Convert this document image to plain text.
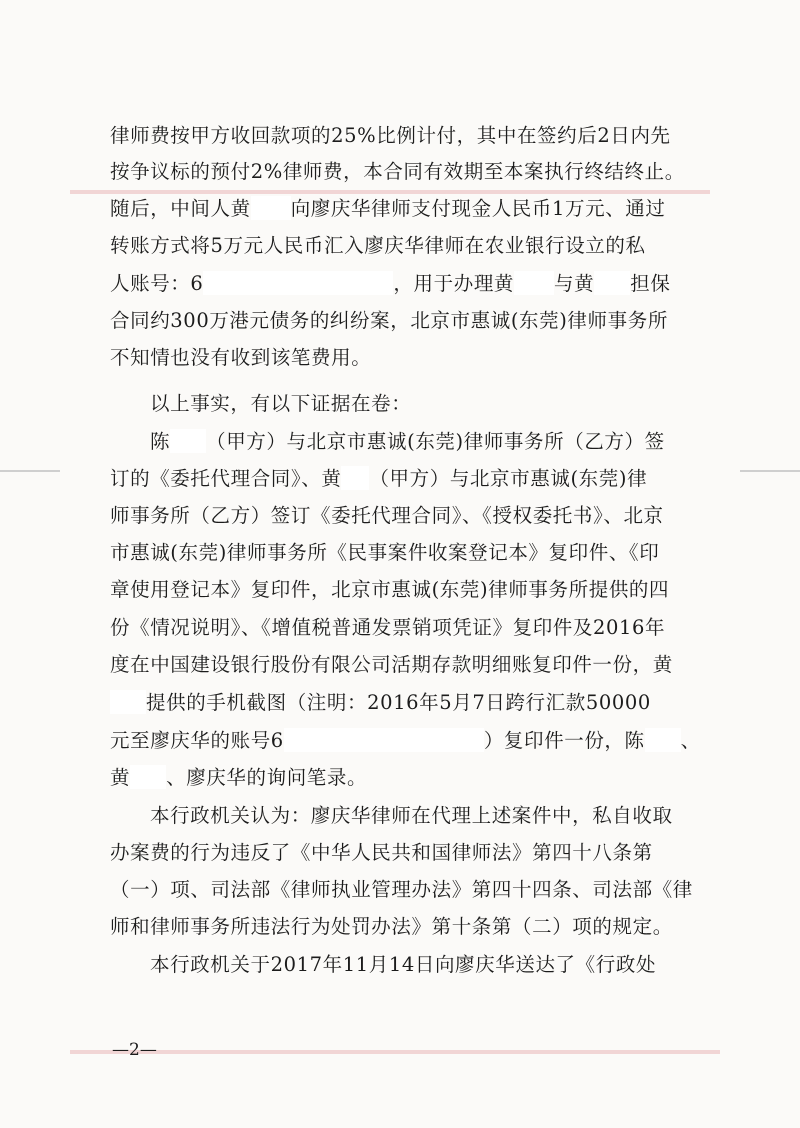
律师费按甲方收回款项的25%比例计付，其中在签约后2日内先
按争议标的预付2%律师费，本合同有效期至本案执行终结终止。
随后，中间人黄 向廖庆华律师支付现金人民币1万元、通过
转账方式将5万元人民币汇入廖庆华律师在农业银行设立的私
人账号：6	，用于办理黄 与黄 担保
合同约300万港元债务的纠纷案，北京市惠诚(东莞)律师事务所
不知情也没有收到该笔费用。
以上事实，有以下证据在卷：
陈 （甲方）与北京市惠诚(东莞)律师事务所（乙方）签
订的《委托代理合同》、黄 （甲方）与北京市惠诚(东莞)律
师事务所（乙方）签订《委托代理合同》、《授权委托书》、北京
市惠诚(东莞)律师事务所《民事案件收案登记本》复印件、《印
章使用登记本》复印件，北京市惠诚(东莞)律师事务所提供的四
份《情况说明》、《增值税普通发票销项凭证》复印件及2016年
度在中国建设银行股份有限公司活期存款明细账复印件一份，黄
提供的手机截图（注明：2016年5月7日跨行汇款50000
元至廖庆华的账号6	）复印件一份，陈 、
黄 、廖庆华的询问笔录。
本行政机关认为：廖庆华律师在代理上述案件中，私自收取
办案费的行为违反了《中华人民共和国律师法》第四十八条第
（一）项、司法部《律师执业管理办法》第四十四条、司法部《律
师和律师事务所违法行为处罚办法》第十条第（二）项的规定。
本行政机关于2017年11月14日向廖庆华送达了《行政处
—2—
